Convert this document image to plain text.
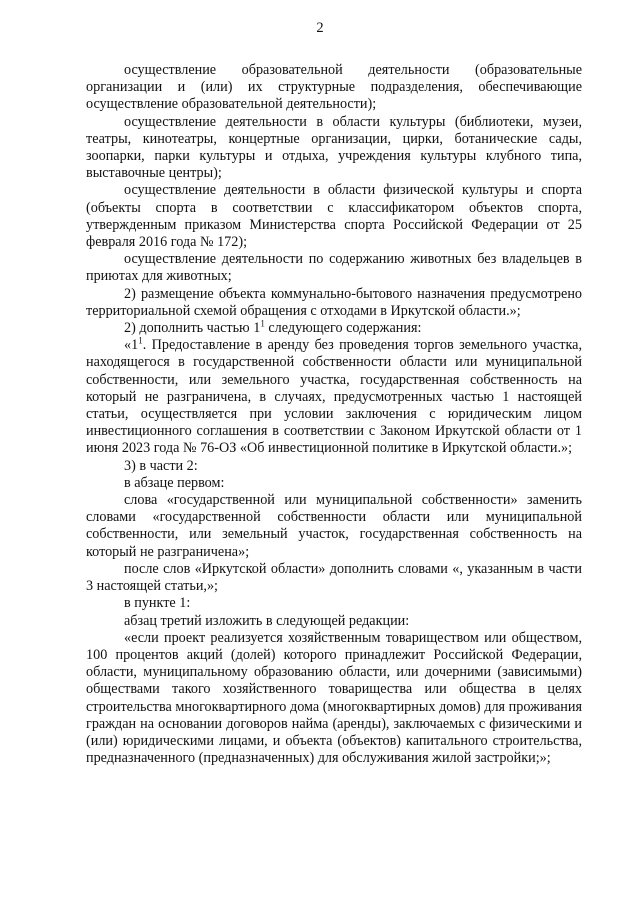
2

осуществление образовательной деятельности (образовательные организации и (или) их структурные подразделения, обеспечивающие осуществление образовательной деятельности);

осуществление деятельности в области культуры (библиотеки, музеи, театры, кинотеатры, концертные организации, цирки, ботанические сады, зоопарки, парки культуры и отдыха, учреждения культуры клубного типа, выставочные центры);

осуществление деятельности в области физической культуры и спорта (объекты спорта в соответствии с классификатором объектов спорта, утвержденным приказом Министерства спорта Российской Федерации от 25 февраля 2016 года № 172);

осуществление деятельности по содержанию животных без владельцев в приютах для животных;

2) размещение объекта коммунально-бытового назначения предусмотрено территориальной схемой обращения с отходами в Иркутской области.»;

2) дополнить частью $1^1$ следующего содержания:

«$1^1$. Предоставление в аренду без проведения торгов земельного участка, находящегося в государственной собственности области или муниципальной собственности, или земельного участка, государственная собственность на который не разграничена, в случаях, предусмотренных частью 1 настоящей статьи, осуществляется при условии заключения с юридическим лицом инвестиционного соглашения в соответствии с Законом Иркутской области от 1 июня 2023 года № 76-ОЗ «Об инвестиционной политике в Иркутской области.»;

3) в части 2:

в абзаце первом:

слова «государственной или муниципальной собственности» заменить словами «государственной собственности области или муниципальной собственности, или земельный участок, государственная собственность на который не разграничена»;

после слов «Иркутской области» дополнить словами «, указанным в части 3 настоящей статьи,»;

в пункте 1:

абзац третий изложить в следующей редакции:

«если проект реализуется хозяйственным товариществом или обществом, 100 процентов акций (долей) которого принадлежит Российской Федерации, области, муниципальному образованию области, или дочерними (зависимыми) обществами такого хозяйственного товарищества или общества в целях строительства многоквартирного дома (многоквартирных домов) для проживания граждан на основании договоров найма (аренды), заключаемых с физическими и (или) юридическими лицами, и объекта (объектов) капитального строительства, предназначенного (предназначенных) для обслуживания жилой застройки;»;
